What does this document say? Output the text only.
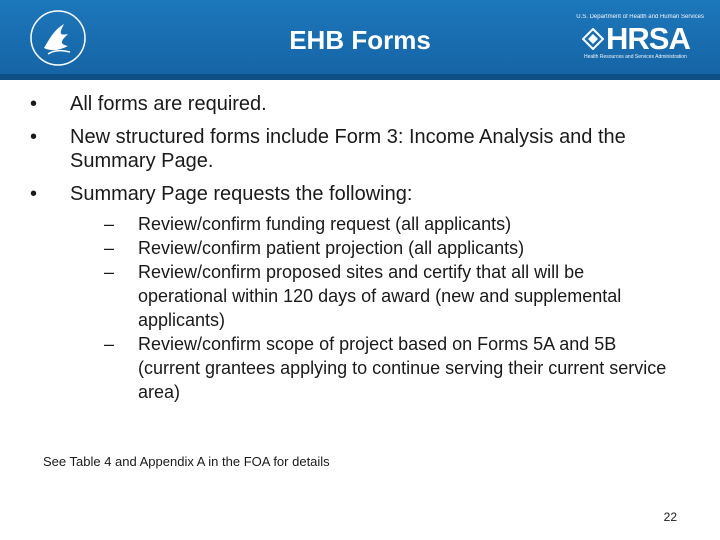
EHB Forms
U.S. Department of Health and Human Services
HRSA
Health Resources and Services Administration
• All forms are required.
• New structured forms include Form 3: Income Analysis and the Summary Page.
• Summary Page requests the following:
– Review/confirm funding request (all applicants)
– Review/confirm patient projection (all applicants)
– Review/confirm proposed sites and certify that all will be operational within 120 days of award (new and supplemental applicants)
– Review/confirm scope of project based on Forms 5A and 5B (current grantees applying to continue serving their current service area)
See Table 4 and Appendix A in the FOA for details
22
